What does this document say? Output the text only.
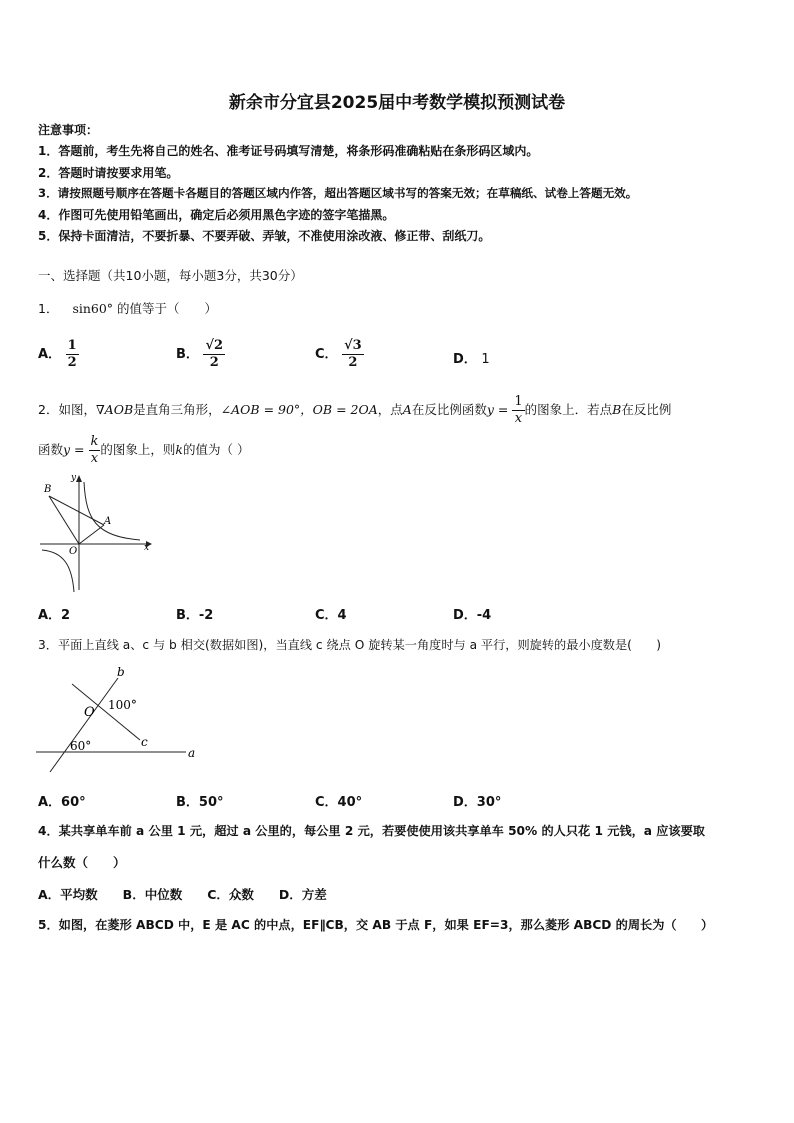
新余市分宜县2025届中考数学模拟预测试卷
注意事项：
1．答题前，考生先将自己的姓名、准考证号码填写清楚，将条形码准确粘贴在条形码区域内。
2．答题时请按要求用笔。
3．请按照题号顺序在答题卡各题目的答题区域内作答，超出答题区域书写的答案无效；在草稿纸、试卷上答题无效。
4．作图可先使用铅笔画出，确定后必须用黑色字迹的签字笔描黑。
5．保持卡面清洁，不要折暴、不要弄破、弄皱，不准使用涂改液、修正带、刮纸刀。
一、选择题（共10小题，每小题3分，共30分）
1． sin60° 的值等于（　　）
A． $\frac{1}{2}$	B． $\frac{√2}{2}$	C． $\frac{√3}{2}$	D． 1
2．如图，∇AOB是直角三角形，∠AOB = 90°，OB = 2OA，点A在反比例函数$y = \frac{1}{x}$ 的图象上．若点B在反比例
函数$y = \frac{k}{x}$ 的图象上，则k的值为（ ）
B
y
A
O	x
A．2	B．-2	C．4	D．-4
3．平面上直线 a、c 与 b 相交(数据如图)，当直线 c 绕点 O 旋转某一角度时与 a 平行，则旋转的最小度数是(　　)
b
O 100°
c
60°	a
A．60°	B．50°	C．40°	D．30°
4．某共享单车前 a 公里 1 元，超过 a 公里的，每公里 2 元，若要使使用该共享单车 50% 的人只花 1 元钱，a 应该要取
什么数（　　）
A．平均数　　B．中位数　　C．众数　　D．方差
5．如图，在菱形 ABCD 中，E 是 AC 的中点，EF∥CB，交 AB 于点 F，如果 EF=3，那么菱形 ABCD 的周长为（　　）
